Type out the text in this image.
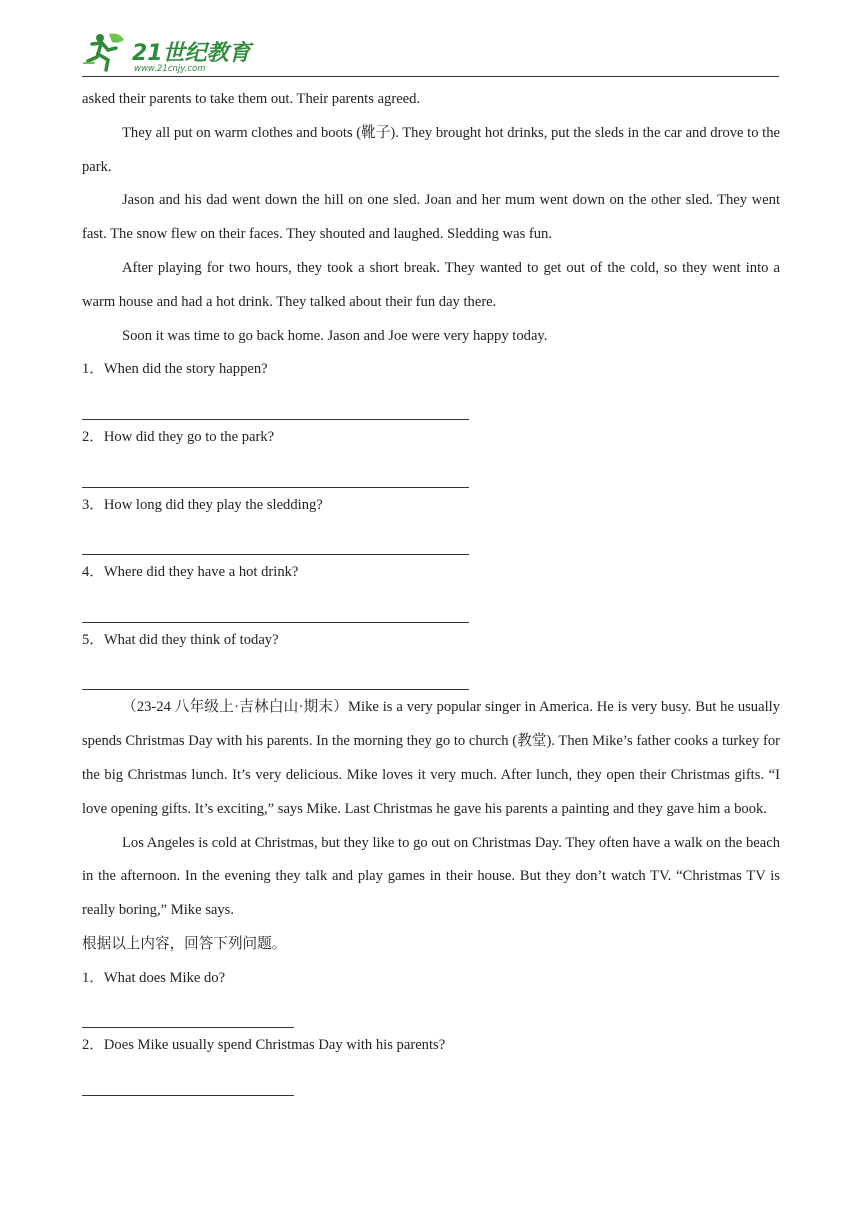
21世纪教育
www.21cnjy.com

asked their parents to take them out. Their parents agreed.

They all put on warm clothes and boots (靴子). They brought hot drinks, put the sleds in the car and drove to the park.

Jason and his dad went down the hill on one sled. Joan and her mum went down on the other sled. They went fast. The snow flew on their faces. They shouted and laughed. Sledding was fun.

After playing for two hours, they took a short break. They wanted to get out of the cold, so they went into a warm house and had a hot drink. They talked about their fun day there.

Soon it was time to go back home. Jason and Joe were very happy today.

1．When did the story happen?

2．How did they go to the park?

3．How long did they play the sledding?

4．Where did they have a hot drink?

5．What did they think of today?

（23-24 八年级上·吉林白山·期末）Mike is a very popular singer in America. He is very busy. But he usually spends Christmas Day with his parents. In the morning they go to church (教堂). Then Mike’s father cooks a turkey for the big Christmas lunch. It’s very delicious. Mike loves it very much. After lunch, they open their Christmas gifts. “I love opening gifts. It’s exciting,” says Mike. Last Christmas he gave his parents a painting and they gave him a book.

Los Angeles is cold at Christmas, but they like to go out on Christmas Day. They often have a walk on the beach in the afternoon. In the evening they talk and play games in their house. But they don’t watch TV. “Christmas TV is really boring,” Mike says.

根据以上内容，回答下列问题。

1．What does Mike do?

2．Does Mike usually spend Christmas Day with his parents?
